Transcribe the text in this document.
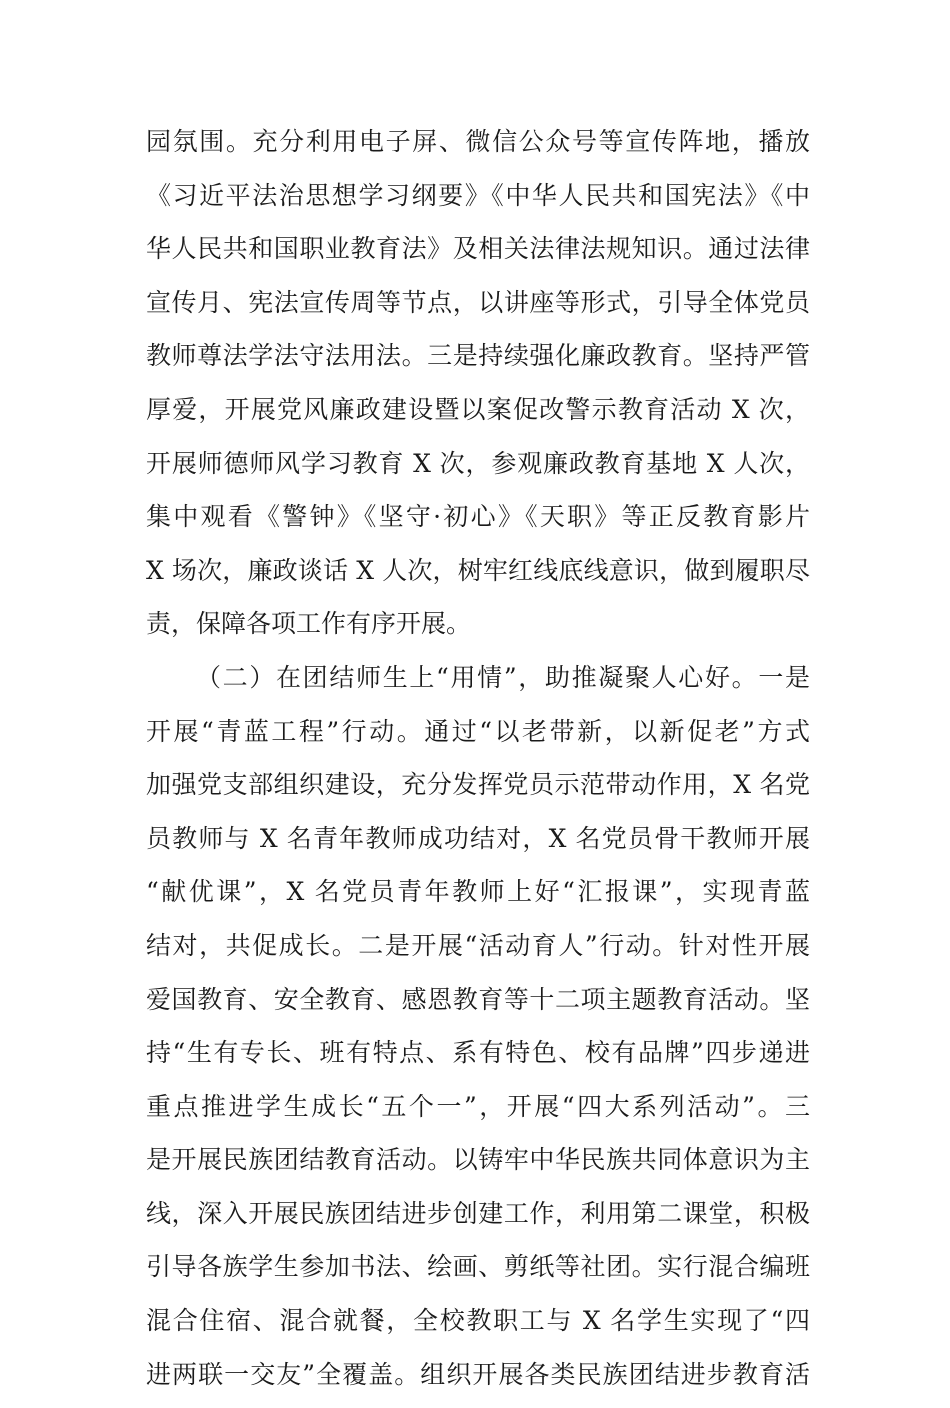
园氛围。充分利用电子屏、微信公众号等宣传阵地，播放
《习近平法治思想学习纲要》《中华人民共和国宪法》《中
华人民共和国职业教育法》及相关法律法规知识。通过法律
宣传月、宪法宣传周等节点，以讲座等形式，引导全体党员
教师尊法学法守法用法。三是持续强化廉政教育。坚持严管
厚爱，开展党风廉政建设暨以案促改警示教育活动 X 次，
开展师德师风学习教育 X 次，参观廉政教育基地 X 人次，
集中观看《警钟》《坚守·初心》《天职》等正反教育影片
X 场次，廉政谈话 X 人次，树牢红线底线意识，做到履职尽
责，保障各项工作有序开展。
（二）在团结师生上“用情”，助推凝聚人心好。一是
开展“青蓝工程”行动。通过“以老带新，以新促老”方式
加强党支部组织建设，充分发挥党员示范带动作用，X 名党
员教师与 X 名青年教师成功结对，X 名党员骨干教师开展
“献优课”，X 名党员青年教师上好“汇报课”，实现青蓝
结对，共促成长。二是开展“活动育人”行动。针对性开展
爱国教育、安全教育、感恩教育等十二项主题教育活动。坚
持“生有专长、班有特点、系有特色、校有品牌”四步递进
重点推进学生成长“五个一”，开展“四大系列活动”。三
是开展民族团结教育活动。以铸牢中华民族共同体意识为主
线，深入开展民族团结进步创建工作，利用第二课堂，积极
引导各族学生参加书法、绘画、剪纸等社团。实行混合编班
混合住宿、混合就餐，全校教职工与 X 名学生实现了“四
进两联一交友”全覆盖。组织开展各类民族团结进步教育活
